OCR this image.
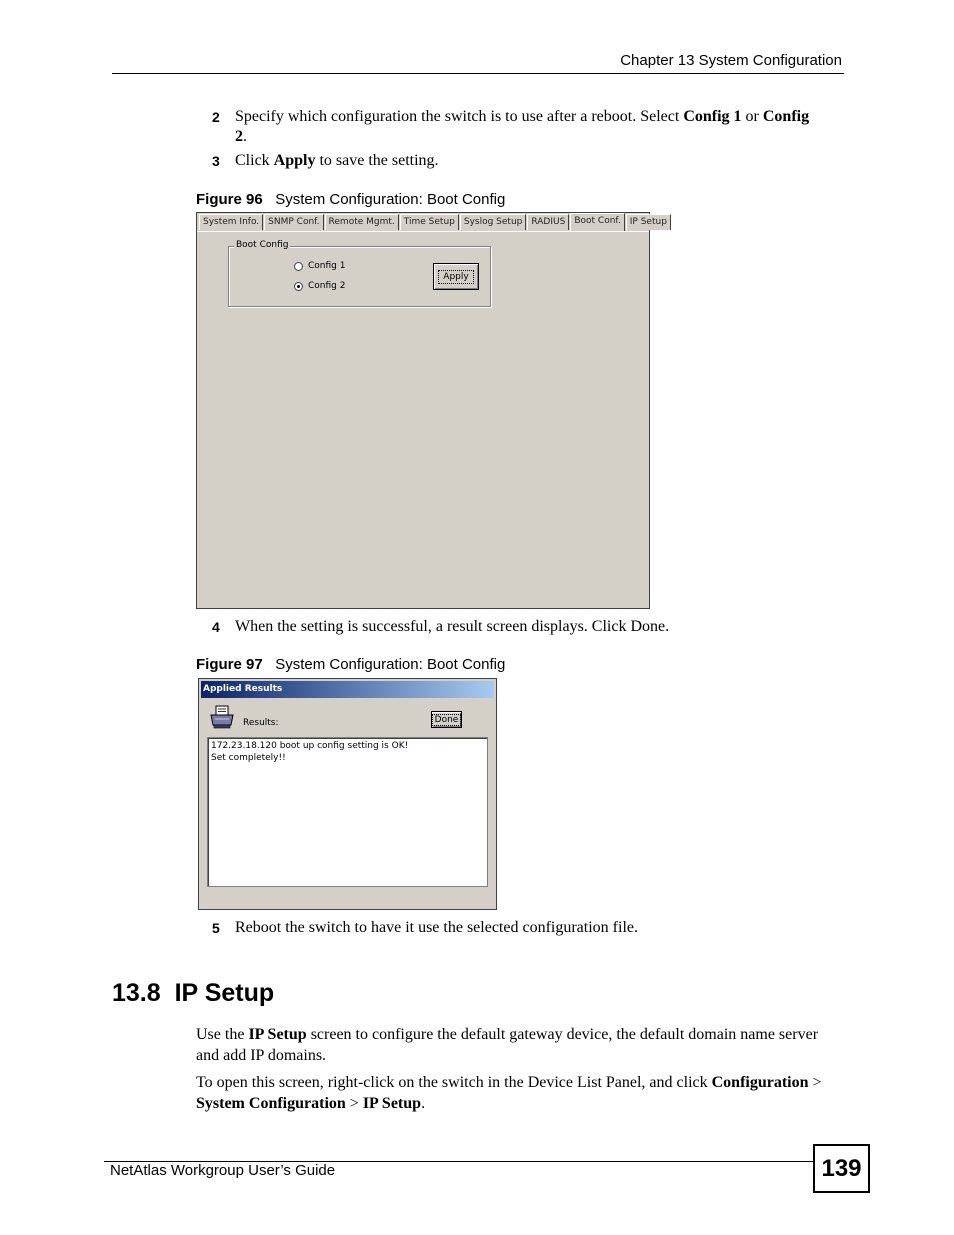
Chapter 13 System Configuration
2 Specify which configuration the switch is to use after a reboot. Select Config 1 or Config 2.
3 Click Apply to save the setting.
Figure 96 System Configuration: Boot Config
System Info.	SNMP Conf.	Remote Mgmt.	Time Setup	Syslog Setup	RADIUS	Boot Conf.	IP Setup
Boot Config
Config 1
Config 2
Apply
4 When the setting is successful, a result screen displays. Click Done.
Figure 97 System Configuration: Boot Config
Applied Results
Results:	Done
172.23.18.120 boot up config setting is OK!
Set completely!!
5 Reboot the switch to have it use the selected configuration file.
13.8 IP Setup
Use the IP Setup screen to configure the default gateway device, the default domain name server and add IP domains.
To open this screen, right-click on the switch in the Device List Panel, and click Configuration > System Configuration > IP Setup.
NetAtlas Workgroup User’s Guide	139
